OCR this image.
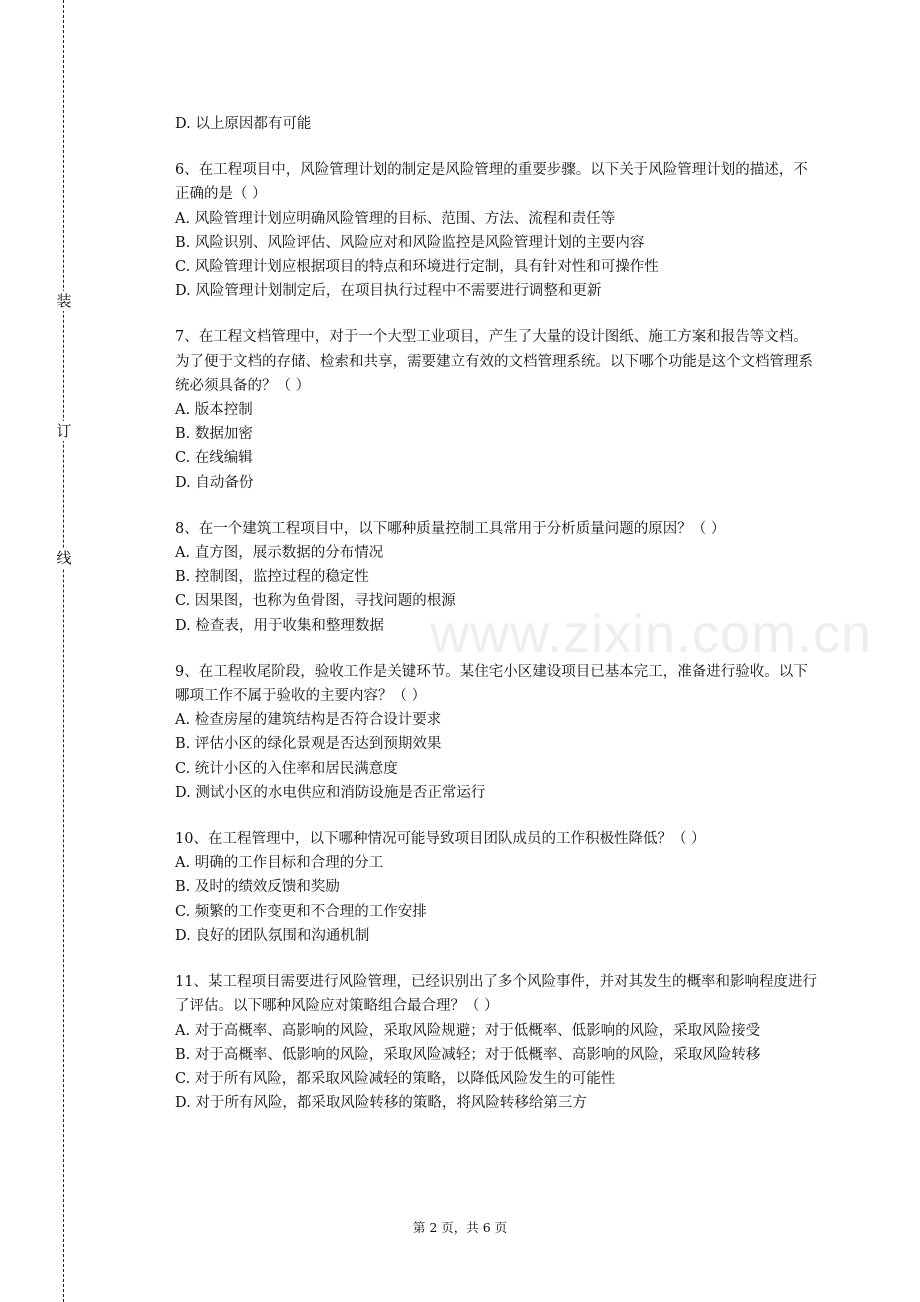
装
订
线
www.zixin.com.cn

D. 以上原因都有可能

6、在工程项目中，风险管理计划的制定是风险管理的重要步骤。以下关于风险管理计划的描述，不正确的是（ ）

A. 风险管理计划应明确风险管理的目标、范围、方法、流程和责任等

B. 风险识别、风险评估、风险应对和风险监控是风险管理计划的主要内容

C. 风险管理计划应根据项目的特点和环境进行定制，具有针对性和可操作性

D. 风险管理计划制定后，在项目执行过程中不需要进行调整和更新

7、在工程文档管理中，对于一个大型工业项目，产生了大量的设计图纸、施工方案和报告等文档。为了便于文档的存储、检索和共享，需要建立有效的文档管理系统。以下哪个功能是这个文档管理系统必须具备的？（ ）

A. 版本控制

B. 数据加密

C. 在线编辑

D. 自动备份

8、在一个建筑工程项目中，以下哪种质量控制工具常用于分析质量问题的原因？（ ）

A. 直方图，展示数据的分布情况

B. 控制图，监控过程的稳定性

C. 因果图，也称为鱼骨图，寻找问题的根源

D. 检查表，用于收集和整理数据

9、在工程收尾阶段，验收工作是关键环节。某住宅小区建设项目已基本完工，准备进行验收。以下哪项工作不属于验收的主要内容？（ ）

A. 检查房屋的建筑结构是否符合设计要求

B. 评估小区的绿化景观是否达到预期效果

C. 统计小区的入住率和居民满意度

D. 测试小区的水电供应和消防设施是否正常运行

10、在工程管理中，以下哪种情况可能导致项目团队成员的工作积极性降低？（ ）

A. 明确的工作目标和合理的分工

B. 及时的绩效反馈和奖励

C. 频繁的工作变更和不合理的工作安排

D. 良好的团队氛围和沟通机制

11、某工程项目需要进行风险管理，已经识别出了多个风险事件，并对其发生的概率和影响程度进行了评估。以下哪种风险应对策略组合最合理？（ ）

A. 对于高概率、高影响的风险，采取风险规避；对于低概率、低影响的风险，采取风险接受

B. 对于高概率、低影响的风险，采取风险减轻；对于低概率、高影响的风险，采取风险转移

C. 对于所有风险，都采取风险减轻的策略，以降低风险发生的可能性

D. 对于所有风险，都采取风险转移的策略，将风险转移给第三方

第 2 页，共 6 页
